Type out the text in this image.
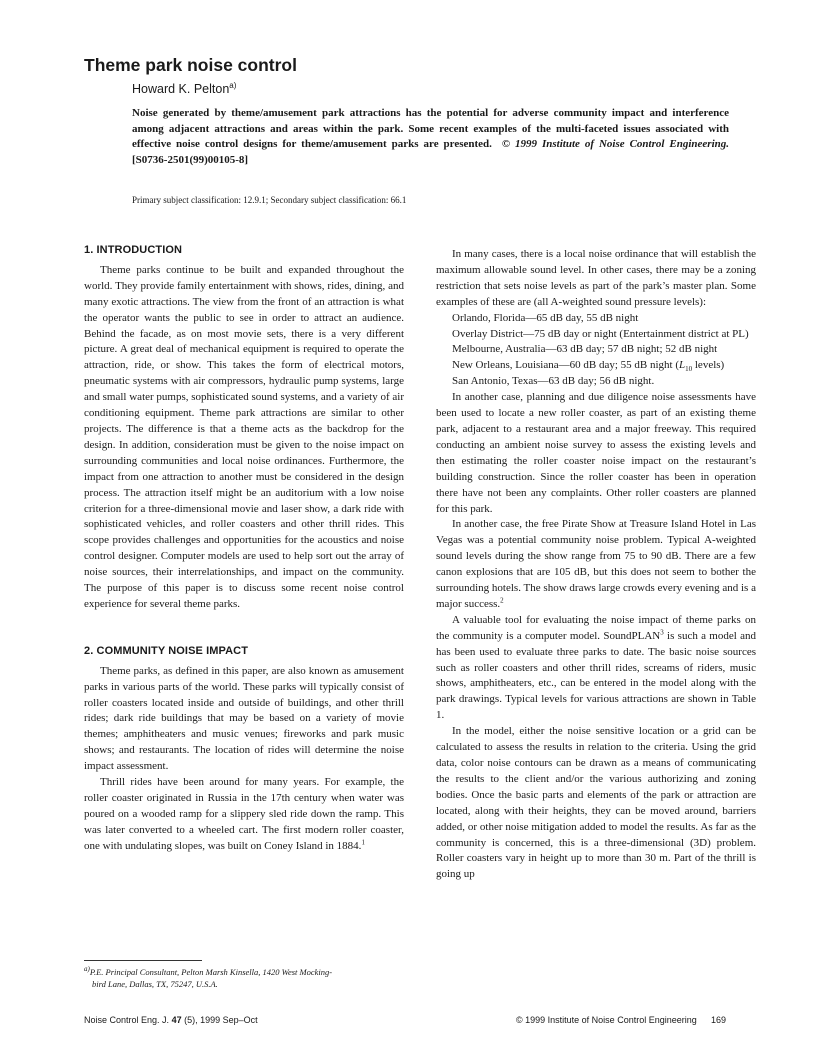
Theme park noise control
Howard K. Pelton$^{a)}$

Noise generated by theme/amusement park attractions has the potential for adverse community impact and interference among adjacent attractions and areas within the park. Some recent examples of the multi-faceted issues associated with effective noise control designs for theme/amusement parks are presented. © 1999 Institute of Noise Control Engineering. [S0736-2501(99)00105-8]

Primary subject classification: 12.9.1; Secondary subject classification: 66.1
1. INTRODUCTION

Theme parks continue to be built and expanded throughout the world. They provide family entertainment with shows, rides, dining, and many exotic attractions. The view from the front of an attraction is what the operator wants the public to see in order to attract an audience. Behind the facade, as on most movie sets, there is a very different picture. A great deal of mechanical equipment is required to operate the attraction, ride, or show. This takes the form of electrical motors, pneumatic systems with air compressors, hydraulic pump systems, large and small water pumps, sophisticated sound systems, and a variety of air conditioning equipment. Theme park attractions are similar to other projects. The difference is that a theme acts as the backdrop for the design. In addition, consideration must be given to the noise impact on surrounding communities and local noise ordinances. Furthermore, the impact from one attraction to another must be considered in the design process. The attraction itself might be an auditorium with a low noise criterion for a three-dimensional movie and laser show, a dark ride with sophisticated vehicles, and roller coasters and other thrill rides. This scope provides challenges and opportunities for the acoustics and noise control designer. Computer models are used to help sort out the array of noise sources, their interrelationships, and impact on the community. The purpose of this paper is to discuss some recent noise control experience for several theme parks.

2. COMMUNITY NOISE IMPACT

Theme parks, as defined in this paper, are also known as amusement parks in various parts of the world. These parks will typically consist of roller coasters located inside and outside of buildings, and other thrill rides; dark ride buildings that may be based on a variety of movie themes; amphitheaters and music venues; fireworks and park music shows; and restaurants. The location of rides will determine the noise impact assessment.

Thrill rides have been around for many years. For example, the roller coaster originated in Russia in the 17th century when water was poured on a wooded ramp for a slippery sled ride down the ramp. This was later converted to a wheeled cart. The first modern roller coaster, one with undulating slopes, was built on Coney Island in 1884.$^1$

In many cases, there is a local noise ordinance that will establish the maximum allowable sound level. In other cases, there may be a zoning restriction that sets noise levels as part of the park’s master plan. Some examples of these are (all A-weighted sound pressure levels):

Orlando, Florida—65 dB day, 55 dB night

Overlay District—75 dB day or night (Entertainment district at PL)

Melbourne, Australia—63 dB day; 57 dB night; 52 dB night

New Orleans, Louisiana—60 dB day; 55 dB night ($L_{10}$ levels)

San Antonio, Texas—63 dB day; 56 dB night.

In another case, planning and due diligence noise assessments have been used to locate a new roller coaster, as part of an existing theme park, adjacent to a restaurant area and a major freeway. This required conducting an ambient noise survey to assess the existing levels and then estimating the roller coaster noise impact on the restaurant’s building construction. Since the roller coaster has been in operation there have not been any complaints. Other roller coasters are planned for this park.

In another case, the free Pirate Show at Treasure Island Hotel in Las Vegas was a potential community noise problem. Typical A-weighted sound levels during the show range from 75 to 90 dB. There are a few canon explosions that are 105 dB, but this does not seem to bother the surrounding hotels. The show draws large crowds every evening and is a major success.$^2$

A valuable tool for evaluating the noise impact of theme parks on the community is a computer model. SoundPLAN$^3$ is such a model and has been used to evaluate three parks to date. The basic noise sources such as roller coasters and other thrill rides, screams of riders, music shows, amphitheaters, etc., can be entered in the model along with the park drawings. Typical levels for various attractions are shown in Table 1.

In the model, either the noise sensitive location or a grid can be calculated to assess the results in relation to the criteria. Using the grid data, color noise contours can be drawn as a means of communicating the results to the client and/or the various authorizing and zoning bodies. Once the basic parts and elements of the park or attraction are located, along with their heights, they can be moved around, barriers added, or other noise mitigation added to model the results. As far as the community is concerned, this is a three-dimensional (3D) problem. Roller coasters vary in height up to more than 30 m. Part of the thrill is going up

$^{a)}$P.E. Principal Consultant, Pelton Marsh Kinsella, 1420 West Mocking-
bird Lane, Dallas, TX, 75247, U.S.A.
Noise Control Eng. J. 47 (5), 1999 Sep–Oct	© 1999 Institute of Noise Control Engineering 169
